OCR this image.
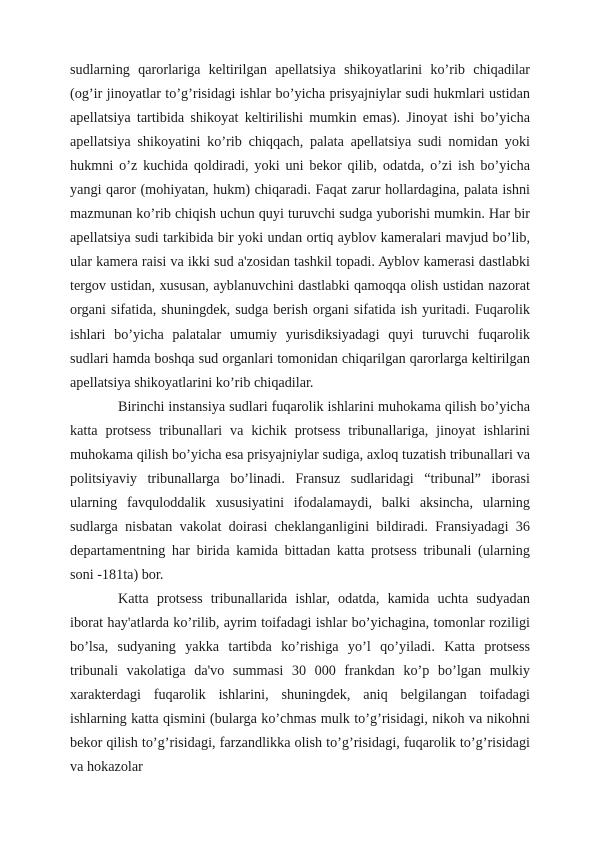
sudlarning qarorlariga keltirilgan apellatsiya shikoyatlarini ko’rib chiqadilar (og’ir jinoyatlar to’g’risidagi ishlar bo’yicha prisyajniylar sudi hukmlari ustidan apellatsiya tartibida shikoyat keltirilishi mumkin emas). Jinoyat ishi bo’yicha apellatsiya shikoyatini ko’rib chiqqach, palata apellatsiya sudi nomidan yoki hukmni o’z kuchida qoldiradi, yoki uni bekor qilib, odatda, o’zi ish bo’yicha yangi qaror (mohiyatan, hukm) chiqaradi. Faqat zarur hollardagina, palata ishni mazmunan ko’rib chiqish uchun quyi turuvchi sudga yuborishi mumkin. Har bir apellatsiya sudi tarkibida bir yoki undan ortiq ayblov kameralari mavjud bo’lib, ular kamera raisi va ikki sud a'zosidan tashkil topadi. Ayblov kamerasi dastlabki tergov ustidan, xususan, ayblanuvchini dastlabki qamoqqa olish ustidan nazorat organi sifatida, shuningdek, sudga berish organi sifatida ish yuritadi. Fuqarolik ishlari bo’yicha palatalar umumiy yurisdiksiyadagi quyi turuvchi fuqarolik sudlari hamda boshqa sud organlari tomonidan chiqarilgan qarorlarga keltirilgan apellatsiya shikoyatlarini ko’rib chiqadilar.

Birinchi instansiya sudlari fuqarolik ishlarini muhokama qilish bo’yicha katta protsess tribunallari va kichik protsess tribunallariga, jinoyat ishlarini muhokama qilish bo’yicha esa prisyajniylar sudiga, axloq tuzatish tribunallari va politsiyaviy tribunallarga bo’linadi. Fransuz sudlaridagi “tribunal” iborasi ularning favquloddalik xususiyatini ifodalamaydi, balki aksincha, ularning sudlarga nisbatan vakolat doirasi cheklanganligini bildiradi. Fransiyadagi 36 departamentning har birida kamida bittadan katta protsess tribunali (ularning soni -181ta) bor.

Katta protsess tribunallarida ishlar, odatda, kamida uchta sudyadan iborat hay'atlarda ko’rilib, ayrim toifadagi ishlar bo’yichagina, tomonlar roziligi bo’lsa, sudyaning yakka tartibda ko’rishiga yo’l qo’yiladi. Katta protsess tribunali vakolatiga da'vo summasi 30 000 frankdan ko’p bo’lgan mulkiy xarakterdagi fuqarolik ishlarini, shuningdek, aniq belgilangan toifadagi ishlarning katta qismini (bularga ko’chmas mulk to’g’risidagi, nikoh va nikohni bekor qilish to’g’risidagi, farzandlikka olish to’g’risidagi, fuqarolik to’g’risidagi va hokazolar
